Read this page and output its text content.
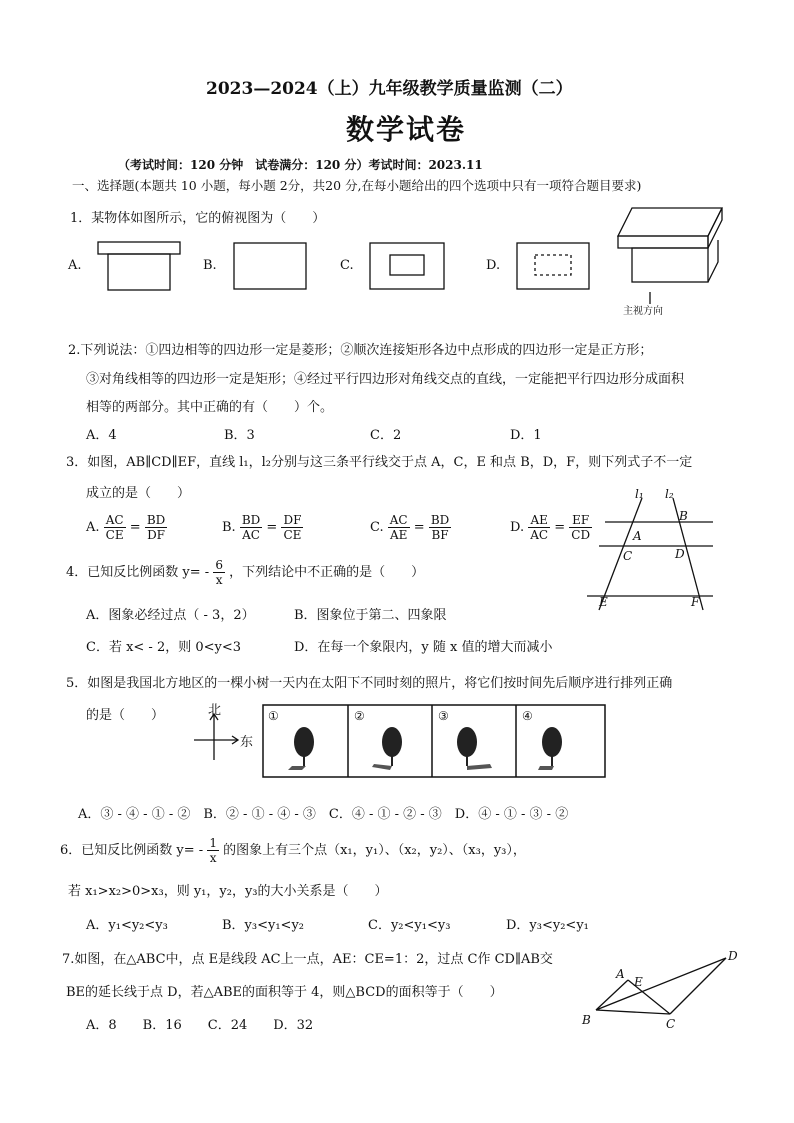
2023—2024（上）九年级教学质量监测（二）
数学试卷
（考试时间：120 分钟　试卷满分：120 分）考试时间：2023.11
一、选择题(本题共 10 小题，每小题 2分，共20 分,在每小题给出的四个选项中只有一项符合题目要求)
1．某物体如图所示，它的俯视图为（　　）
A.	B.	C.	D.
主视方向
2.下列说法：①四边相等的四边形一定是菱形；②顺次连接矩形各边中点形成的四边形一定是正方形；
③对角线相等的四边形一定是矩形；④经过平行四边形对角线交点的直线，一定能把平行四边形分成面积
相等的两部分。其中正确的有（　　）个。
A．4	B．3	C．2	D．1
3．如图，AB∥CD∥EF，直线 l₁，l₂分别与这三条平行线交于点 A，C，E 和点 B，D，F，则下列式子不一定
成立的是（　　）
A. $\frac{AC}{CE} = \frac{BD}{DF}$	B. $\frac{BD}{AC} = \frac{DF}{CE}$	C. $\frac{AC}{AE} = \frac{BD}{BF}$	D. $\frac{AE}{AC} = \frac{EF}{CD}$
l₁ l₂
A
B
C	D
E	F
4．已知反比例函数 $y= - \frac{6}{x}$ ，下列结论中不正确的是（　　）
A．图象必经过点（ - 3，2）	B．图象位于第二、四象限
C．若 x< - 2，则 0<y<3	D．在每一个象限内，y 随 x 值的增大而减小
5．如图是我国北方地区的一棵小树一天内在太阳下不同时刻的照片，将它们按时间先后顺序进行排列正确
的是（　　）	北
东
①	②	③	④
A．③ - ④ - ① - ②　B．② - ① - ④ - ③　C．④ - ① - ② - ③　D．④ - ① - ③ - ②
6．已知反比例函数 $y= - \frac{1}{x}$ 的图象上有三个点（x₁，y₁）、（x₂，y₂）、（x₃，y₃），
若 x₁>x₂>0>x₃，则 y₁，y₂，y₃的大小关系是（　　）
A．y₁<y₂<y₃	B．y₃<y₁<y₂	C．y₂<y₁<y₃	D．y₃<y₂<y₁
7.如图，在△ABC中，点 E是线段 AC上一点，AE：CE=1：2，过点 C作 CD∥AB交
BE的延长线于点 D，若△ABE的面积等于 4，则△BCD的面积等于（　　）
A．8　　B．16　　C．24　　D．32
A
E
D
B	C
